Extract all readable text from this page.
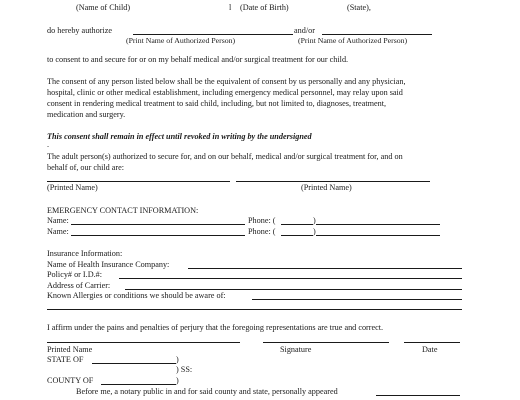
(Name of Child)	l (Date of Birth)	(State),
do hereby authorize	and/or
(Print Name of Authorized Person)	(Print Name of Authorized Person)
to consent to and secure for or on my behalf medical and/or surgical treatment for our child.
The consent of any person listed below shall be the equivalent of consent by us personally and any physician,
hospital, clinic or other medical establishment, including emergency medical personnel, may relay upon said
consent in rendering medical treatment to said child, including, but not limited to, diagnoses, treatment,
medication and surgery.
This consent shall remain in effect until revoked in writing by the undersigned
.
The adult person(s) authorized to secure for, and on our behalf, medical and/or surgical treatment for, and on
behalf of, our child are:
(Printed Name)	(Printed Name)
EMERGENCY CONTACT INFORMATION:
Name:	Phone: (	)
Name:	Phone: (	)
Insurance Information:
Name of Health Insurance Company:
Policy# or I.D.#:
Address of Carrier:
Known Allergies or conditions we should be aware of:
I affirm under the pains and penalties of perjury that the foregoing representations are true and correct.
Printed Name	Signature	Date
STATE OF	)
) SS:
COUNTY OF	)
Before me, a notary public in and for said county and state, personally appeared
